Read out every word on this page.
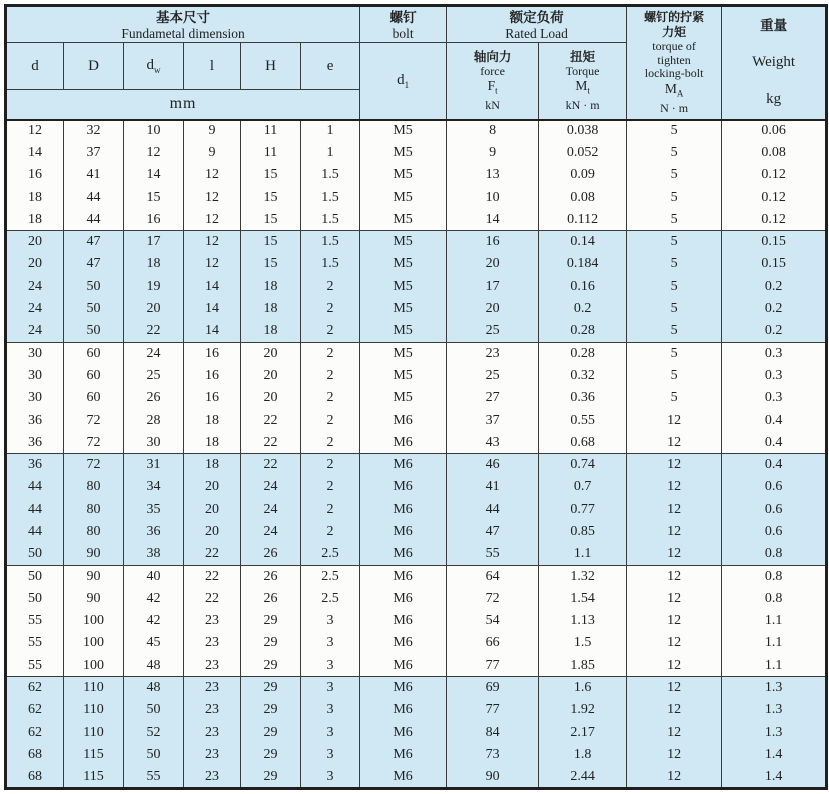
基本尺寸
Fundametal dimension

螺钉
bolt

额定负荷
Rated Load

螺钉的拧紧
力矩
torque of
tighten
locking-bolt
$M_A$
N · m

重量
Weight
kg

d	D	$d_w$	l	H	e	$d_1$	
轴向力
force
$F_t$
kN

扭矩
Torque
$M_t$
kN · m

mm										
12	32	10	9	11	1	M5	8	0.038	5	0.06
14	37	12	9	11	1	M5	9	0.052	5	0.08
16	41	14	12	15	1.5	M5	13	0.09	5	0.12
18	44	15	12	15	1.5	M5	10	0.08	5	0.12
18	44	16	12	15	1.5	M5	14	0.112	5	0.12
20	47	17	12	15	1.5	M5	16	0.14	5	0.15
20	47	18	12	15	1.5	M5	20	0.184	5	0.15
24	50	19	14	18	2	M5	17	0.16	5	0.2
24	50	20	14	18	2	M5	20	0.2	5	0.2
24	50	22	14	18	2	M5	25	0.28	5	0.2
30	60	24	16	20	2	M5	23	0.28	5	0.3
30	60	25	16	20	2	M5	25	0.32	5	0.3
30	60	26	16	20	2	M5	27	0.36	5	0.3
36	72	28	18	22	2	M6	37	0.55	12	0.4
36	72	30	18	22	2	M6	43	0.68	12	0.4
36	72	31	18	22	2	M6	46	0.74	12	0.4
44	80	34	20	24	2	M6	41	0.7	12	0.6
44	80	35	20	24	2	M6	44	0.77	12	0.6
44	80	36	20	24	2	M6	47	0.85	12	0.6
50	90	38	22	26	2.5	M6	55	1.1	12	0.8
50	90	40	22	26	2.5	M6	64	1.32	12	0.8
50	90	42	22	26	2.5	M6	72	1.54	12	0.8
55	100	42	23	29	3	M6	54	1.13	12	1.1
55	100	45	23	29	3	M6	66	1.5	12	1.1
55	100	48	23	29	3	M6	77	1.85	12	1.1
62	110	48	23	29	3	M6	69	1.6	12	1.3
62	110	50	23	29	3	M6	77	1.92	12	1.3
62	110	52	23	29	3	M6	84	2.17	12	1.3
68	115	50	23	29	3	M6	73	1.8	12	1.4
68	115	55	23	29	3	M6	90	2.44	12	1.4
